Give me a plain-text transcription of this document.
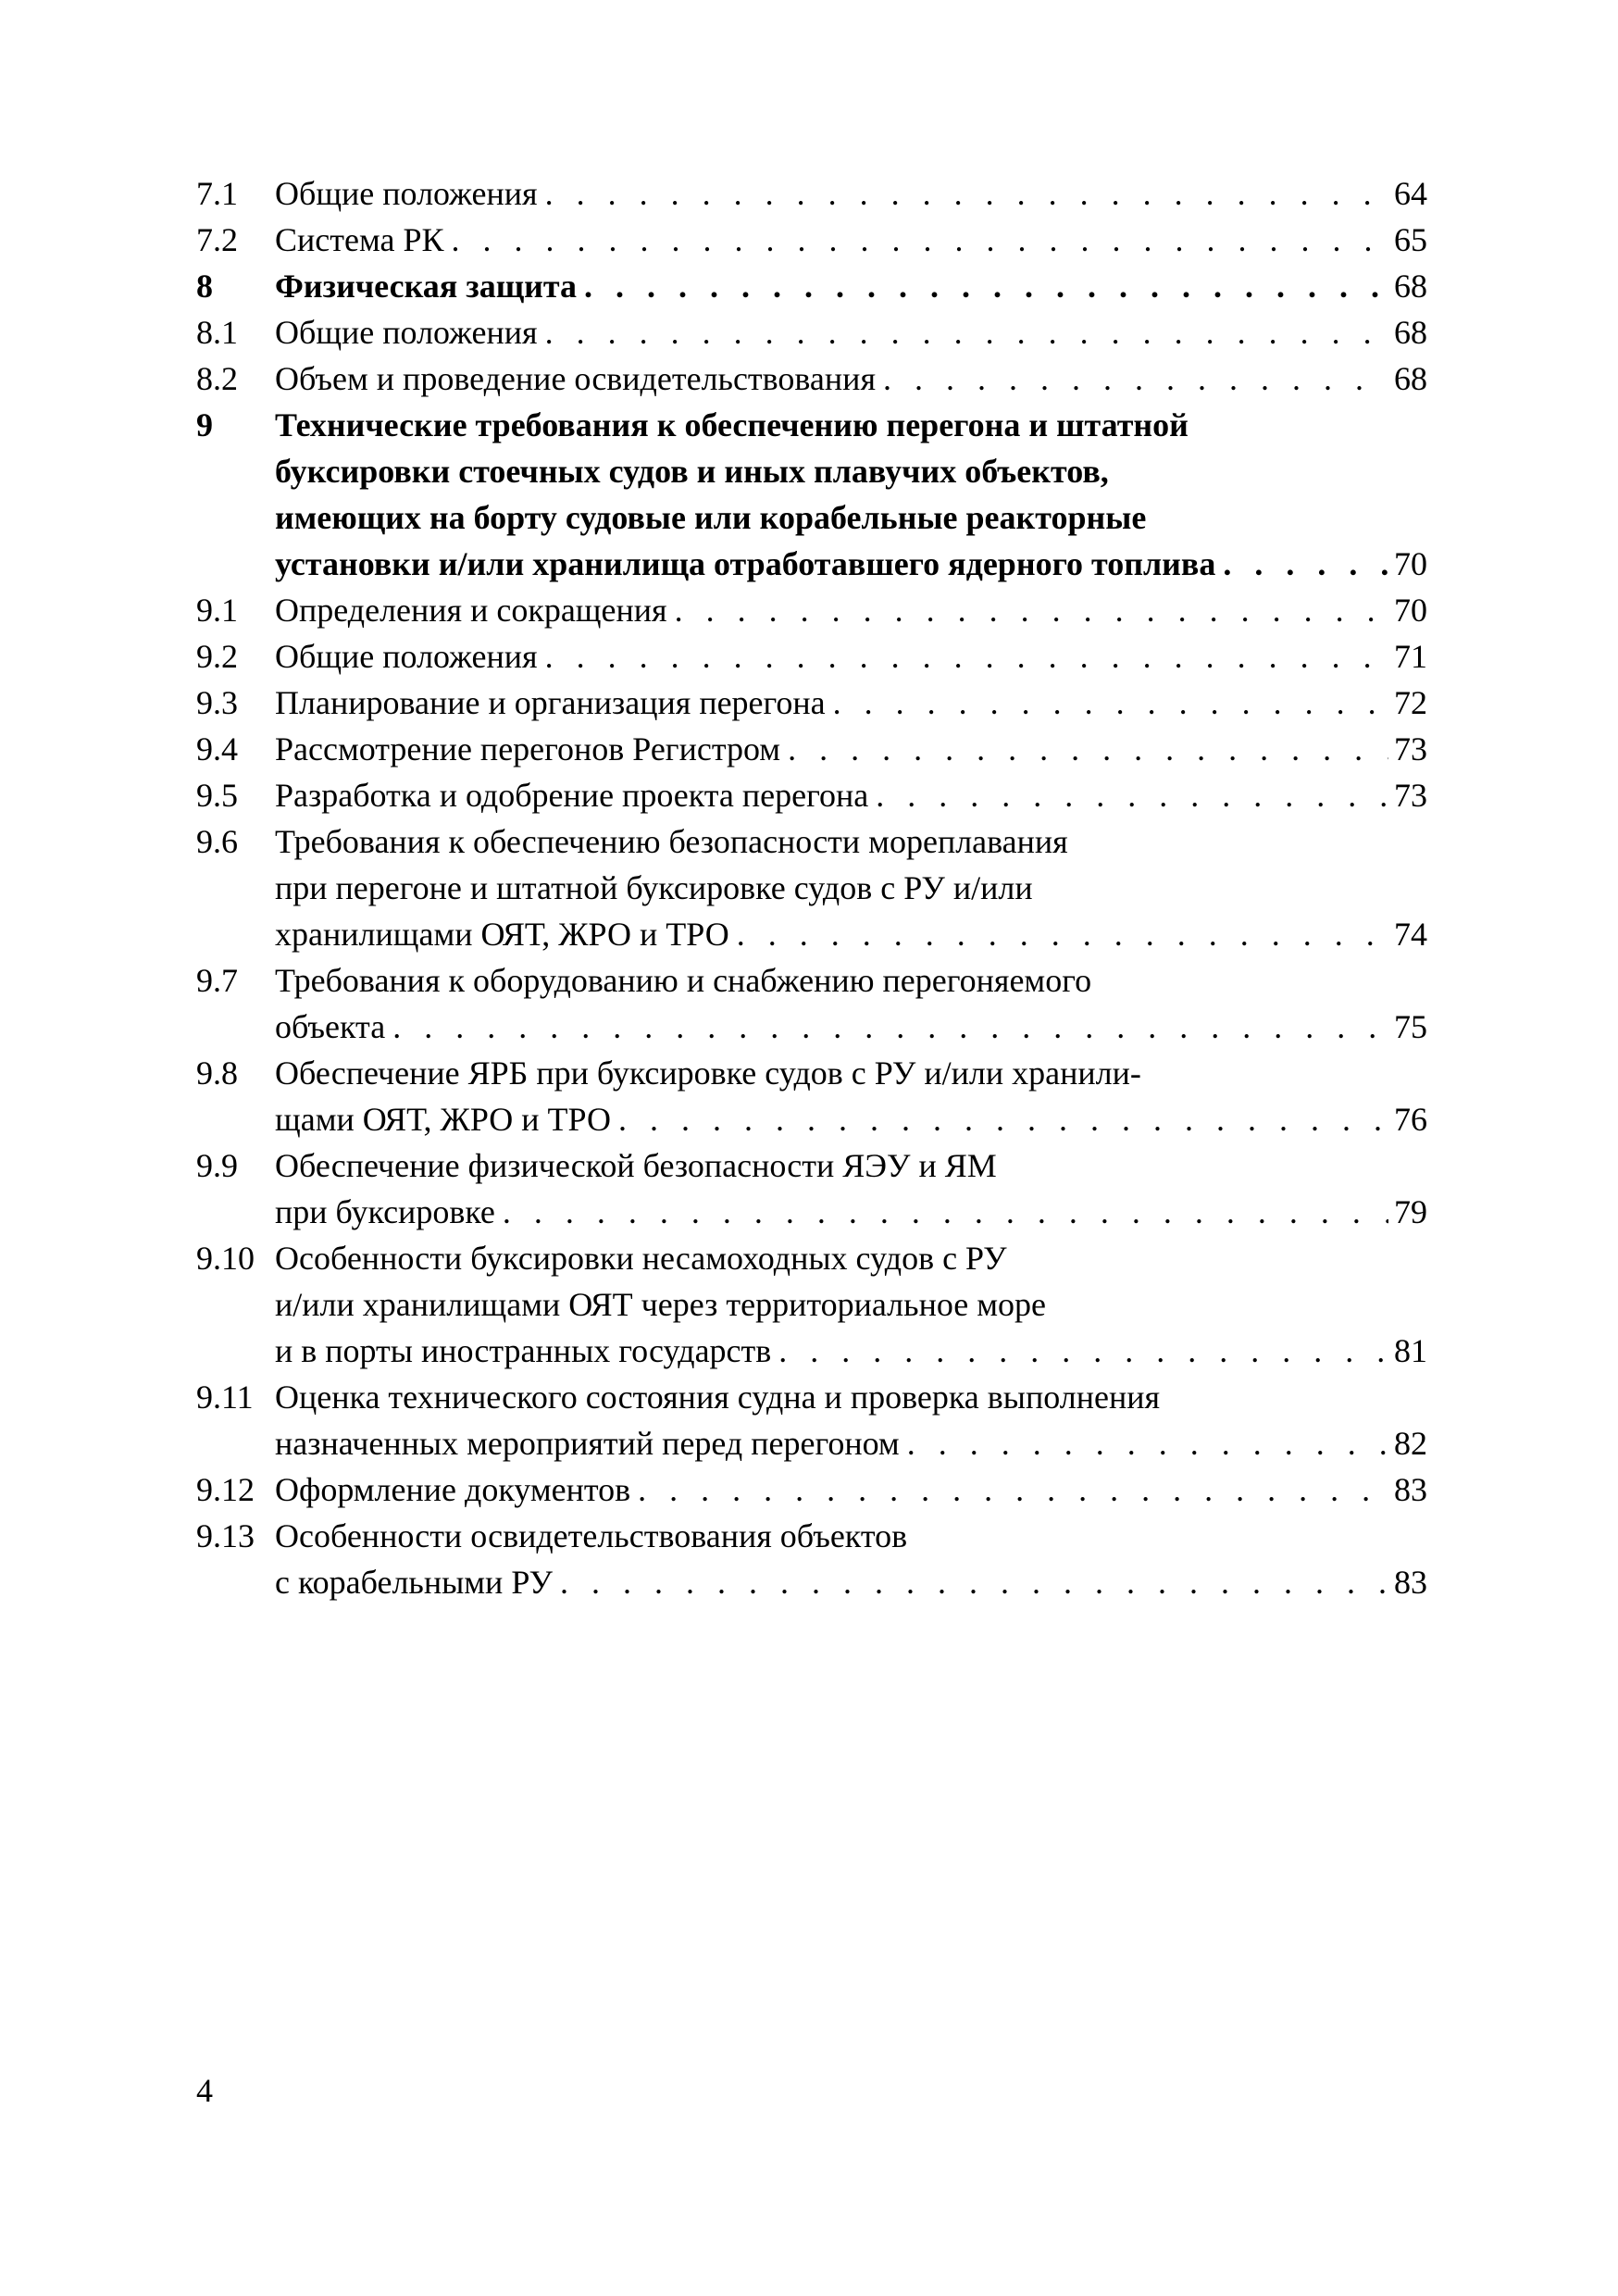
7.1 Общие положения . . .	64
7.2 Система РК . . .	65
8 Физическая защита . . .	68
8.1 Общие положения . . .	68
8.2 Объем и проведение освидетельствования . . .	68
9 Технические требования к обеспечению перегона и штатной
буксировки стоечных судов и иных плавучих объектов,
имеющих на борту судовые или корабельные реакторные
установки и/или хранилища отработавшего ядерного топлива . . .	70
9.1 Определения и сокращения . . .	70
9.2 Общие положения . . .	71
9.3 Планирование и организация перегона . . .	72
9.4 Рассмотрение перегонов Регистром . . .	73
9.5 Разработка и одобрение проекта перегона . . .	73
9.6 Требования к обеспечению безопасности мореплавания
при перегоне и штатной буксировке судов с РУ и/или
хранилищами ОЯТ, ЖРО и ТРО . . .	74
9.7 Требования к оборудованию и снабжению перегоняемого
объекта . . .	75
9.8 Обеспечение ЯРБ при буксировке судов с РУ и/или хранили-
щами ОЯТ, ЖРО и ТРО . . .	76
9.9 Обеспечение физической безопасности ЯЭУ и ЯМ
при буксировке . . .	79
9.10 Особенности буксировки несамоходных судов с РУ
и/или хранилищами ОЯТ через территориальное море
и в порты иностранных государств . . .	81
9.11 Оценка технического состояния судна и проверка выполнения
назначенных мероприятий перед перегоном . . .	82
9.12 Оформление документов . . .	83
9.13 Особенности освидетельствования объектов
с корабельными РУ . . .	83
4
